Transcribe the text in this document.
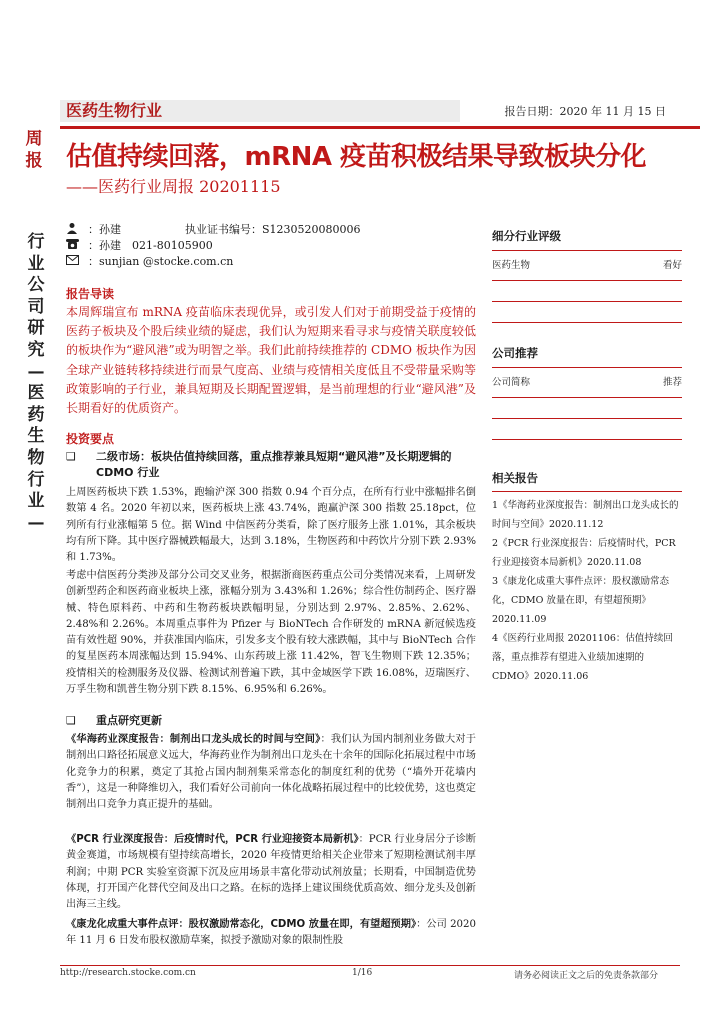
医药生物行业	报告日期：2020 年 11 月 15 日
周报
行业公司研究—医药生物行业—
估值持续回落，mRNA 疫苗积极结果导致板块分化
——医药行业周报 20201115
：孙建	执业证书编号：S1230520080006
：孙建　021-80105900
：sunjian @stocke.com.cn
报告导读
本周辉瑞宣布 mRNA 疫苗临床表现优异，或引发人们对于前期受益于疫情的医药子板块及个股后续业绩的疑虑，我们认为短期来看寻求与疫情关联度较低的板块作为“避风港”或为明智之举。我们此前持续推荐的 CDMO 板块作为因全球产业链转移持续进行而景气度高、业绩与疫情相关度低且不受带量采购等政策影响的子行业，兼具短期及长期配置逻辑，是当前理想的行业“避风港”及长期看好的优质资产。
投资要点
❑	二级市场：板块估值持续回落，重点推荐兼具短期“避风港”及长期逻辑的 CDMO 行业
上周医药板块下跌 1.53%，跑输沪深 300 指数 0.94 个百分点，在所有行业中涨幅排名倒数第 4 名。2020 年初以来，医药板块上涨 43.74%，跑赢沪深 300 指数 25.18pct，位列所有行业涨幅第 5 位。据 Wind 中信医药分类看，除了医疗服务上涨 1.01%，其余板块均有所下降。其中医疗器械跌幅最大，达到 3.18%，生物医药和中药饮片分别下跌 2.93%和 1.73%。
考虑中信医药分类涉及部分公司交叉业务，根据浙商医药重点公司分类情况来看，上周研发创新型药企和医药商业板块上涨，涨幅分别为 3.43%和 1.26%；综合性仿制药企、医疗器械、特色原料药、中药和生物药板块跌幅明显，分别达到 2.97%、2.85%、2.62%、2.48%和 2.26%。本周重点事件为 Pfizer 与 BioNTech 合作研发的 mRNA 新冠候选疫苗有效性超 90%，并获准国内临床，引发多支个股有较大涨跌幅，其中与 BioNTech 合作的复星医药本周涨幅达到 15.94%、山东药玻上涨 11.42%，智飞生物则下跌 12.35%；疫情相关的检测服务及仪器、检测试剂普遍下跌，其中金域医学下跌 16.08%，迈瑞医疗、万孚生物和凯普生物分别下跌 8.15%、6.95%和 6.26%。
❑	重点研究更新
《华海药业深度报告：制剂出口龙头成长的时间与空间》：我们认为国内制剂业务做大对于制剂出口路径拓展意义远大，华海药业作为制剂出口龙头在十余年的国际化拓展过程中市场化竞争力的积累，奠定了其抢占国内制剂集采常态化的制度红利的优势（“墙外开花墙内香”），这是一种降维切入，我们看好公司前向一体化战略拓展过程中的比较优势，这也奠定制剂出口竞争力真正提升的基础。
《PCR 行业深度报告：后疫情时代，PCR 行业迎接资本局新机》：PCR 行业身居分子诊断黄金赛道，市场规模有望持续高增长，2020 年疫情更给相关企业带来了短期检测试剂丰厚利润；中期 PCR 实验室资源下沉及应用场景丰富化带动试剂放量；长期看，中国制造优势体现，打开国产化替代空间及出口之路。在标的选择上建议围绕优质高效、细分龙头及创新出海三主线。
《康龙化成重大事件点评：股权激励常态化，CDMO 放量在即，有望超预期》：公司 2020 年 11 月 6 日发布股权激励草案，拟授予激励对象的限制性股
细分行业评级
医药生物	看好
公司推荐
公司简称	推荐
相关报告
1《华海药业深度报告：制剂出口龙头成长的时间与空间》2020.11.12
2《PCR 行业深度报告：后疫情时代，PCR 行业迎接资本局新机》2020.11.08
3《康龙化成重大事件点评：股权激励常态化，CDMO 放量在即，有望超预期》2020.11.09
4《医药行业周报 20201106：估值持续回落，重点推荐有望进入业绩加速期的 CDMO》2020.11.06
http://research.stocke.com.cn	1/16	请务必阅读正文之后的免责条款部分
